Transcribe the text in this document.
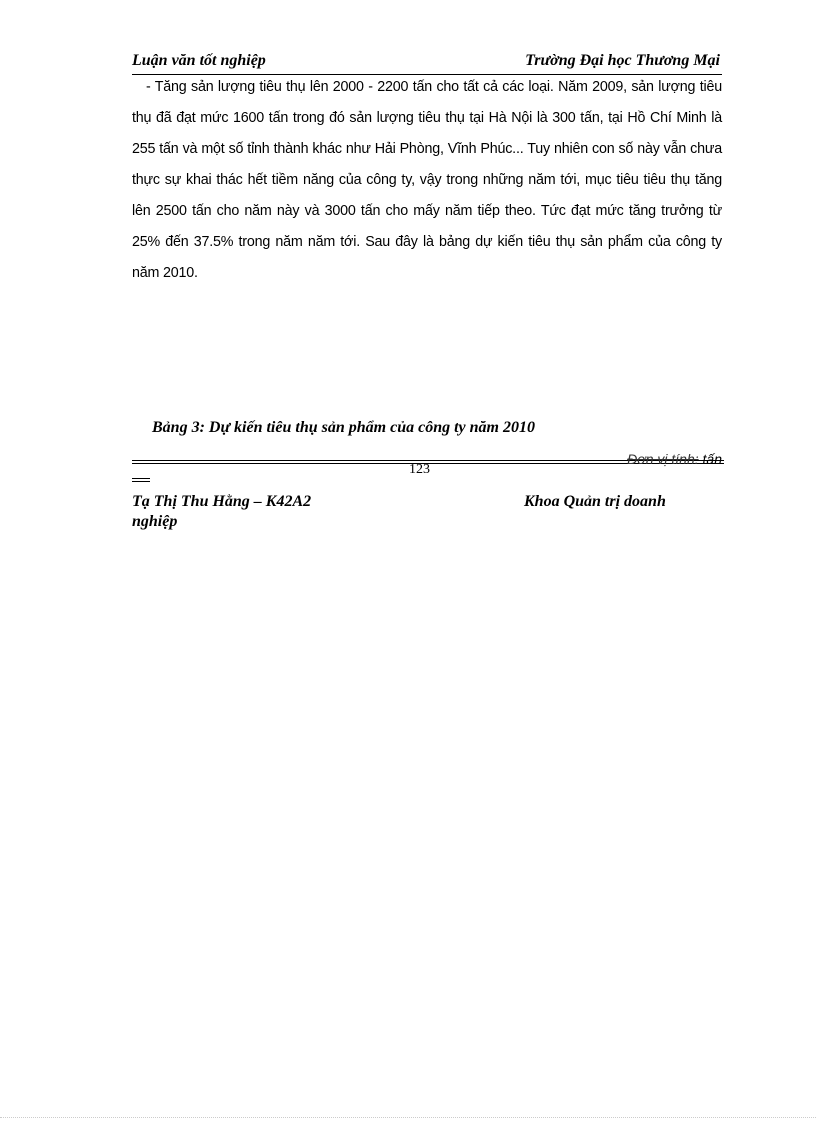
Luận văn tốt nghiệp	Trường Đại học Thương Mại

- Tăng sản lượng tiêu thụ lên 2000 - 2200 tấn cho tất cả các loại. Năm 2009, sản lượng tiêu thụ đã đạt mức 1600 tấn trong đó sản lượng tiêu thụ tại Hà Nội là 300 tấn, tại Hồ Chí Minh là 255 tấn và một số tỉnh thành khác như Hải Phòng, Vĩnh Phúc... Tuy nhiên con số này vẫn chưa thực sự khai thác hết tiềm năng của công ty, vậy trong những năm tới, mục tiêu tiêu thụ tăng lên 2500 tấn cho năm này và 3000 tấn cho mấy năm tiếp theo. Tức đạt mức tăng trưởng từ 25% đến 37.5% trong năm năm tới. Sau đây là bảng dự kiến tiêu thụ sản phẩm của công ty năm 2010.

Bảng 3: Dự kiến tiêu thụ sản phẩm của công ty năm 2010
Đơn vị tính: tấn
123
Tạ Thị Thu Hằng – K42A2	Khoa Quản trị doanh
nghiệp
